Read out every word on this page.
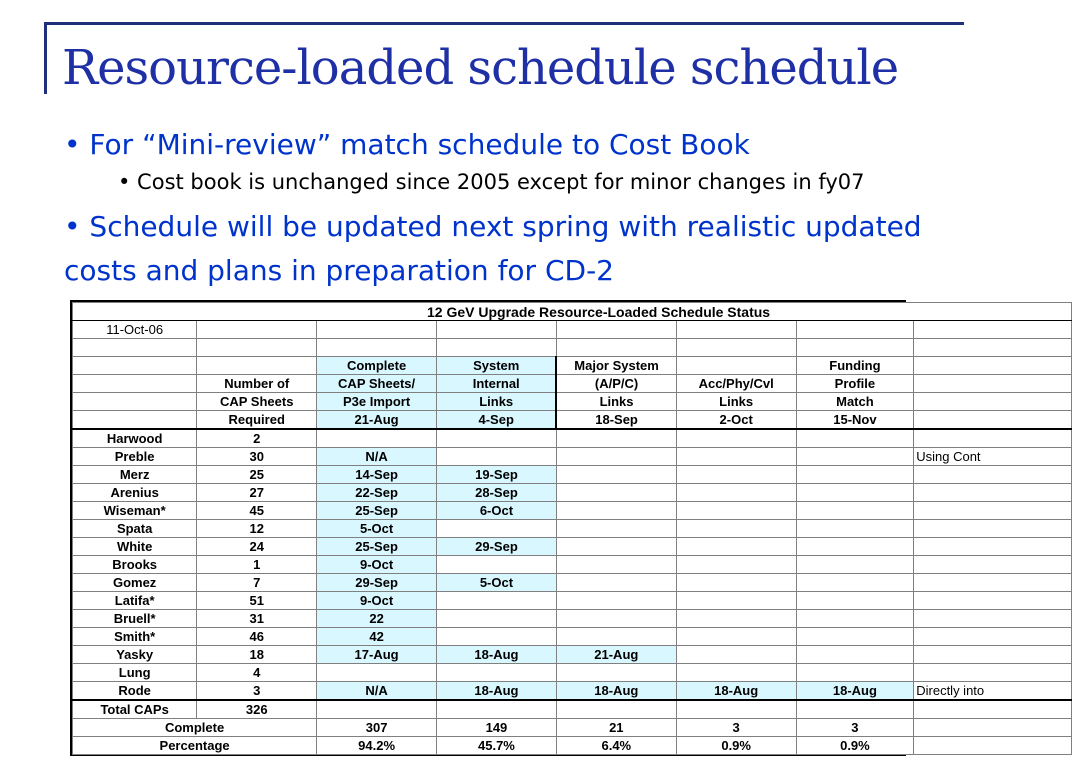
Resource-loaded schedule schedule
• For “Mini-review” match schedule to Cost Book
• Cost book is unchanged since 2005 except for minor changes in fy07
• Schedule will be updated next spring with realistic updated costs and plans in preparation for CD-2
12 GeV Upgrade Resource-Loaded Schedule Status							
11-Oct-06							

		Complete	System	Major System		Funding	
	Number of	CAP Sheets/	Internal	(A/P/C)	Acc/Phy/Cvl	Profile	
	CAP Sheets	P3e Import	Links	Links	Links	Match	
	Required	21-Aug	4-Sep	18-Sep	2-Oct	15-Nov	
Harwood	2						
Preble	30	N/A					Using Cont
Merz	25	14-Sep	19-Sep				
Arenius	27	22-Sep	28-Sep				
Wiseman*	45	25-Sep	6-Oct				
Spata	12	5-Oct					
White	24	25-Sep	29-Sep				
Brooks	1	9-Oct					
Gomez	7	29-Sep	5-Oct				
Latifa*	51	9-Oct					
Bruell*	31	22					
Smith*	46	42					
Yasky	18	17-Aug	18-Aug	21-Aug			
Lung	4						
Rode	3	N/A	18-Aug	18-Aug	18-Aug	18-Aug	Directly into
Total CAPs	326						
Complete		307	149	21	3	3	
Percentage		94.2%	45.7%	6.4%	0.9%	0.9%	
